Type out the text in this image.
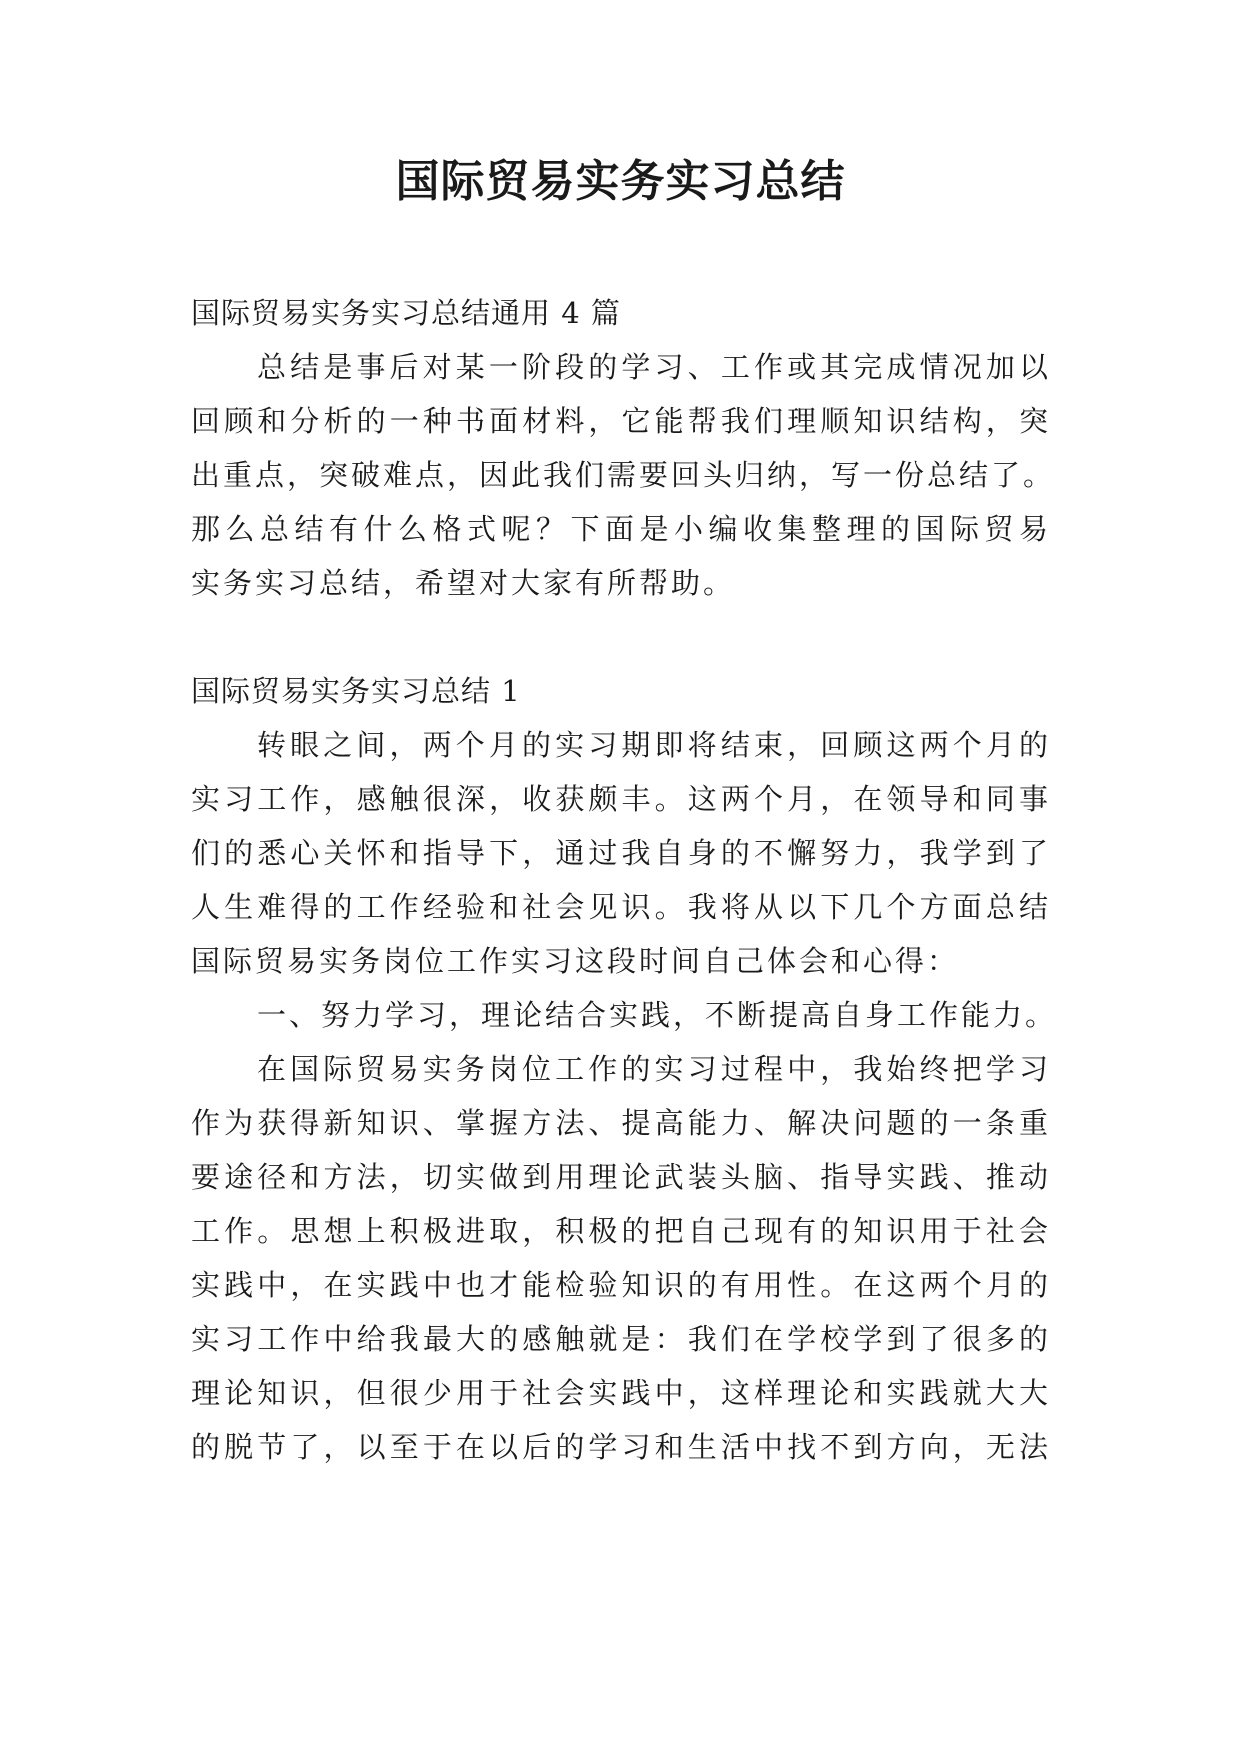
国际贸易实务实习总结

国际贸易实务实习总结通用 4 篇

总结是事后对某一阶段的学习、工作或其完成情况加以

回顾和分析的一种书面材料，它能帮我们理顺知识结构，突

出重点，突破难点，因此我们需要回头归纳，写一份总结了。

那么总结有什么格式呢？下面是小编收集整理的国际贸易

实务实习总结，希望对大家有所帮助。

国际贸易实务实习总结 1

转眼之间，两个月的实习期即将结束，回顾这两个月的

实习工作，感触很深，收获颇丰。这两个月，在领导和同事

们的悉心关怀和指导下，通过我自身的不懈努力，我学到了

人生难得的工作经验和社会见识。我将从以下几个方面总结

国际贸易实务岗位工作实习这段时间自己体会和心得：

一、努力学习，理论结合实践，不断提高自身工作能力。

在国际贸易实务岗位工作的实习过程中，我始终把学习

作为获得新知识、掌握方法、提高能力、解决问题的一条重

要途径和方法，切实做到用理论武装头脑、指导实践、推动

工作。思想上积极进取，积极的把自己现有的知识用于社会

实践中，在实践中也才能检验知识的有用性。在这两个月的

实习工作中给我最大的感触就是：我们在学校学到了很多的

理论知识，但很少用于社会实践中，这样理论和实践就大大

的脱节了，以至于在以后的学习和生活中找不到方向，无法
